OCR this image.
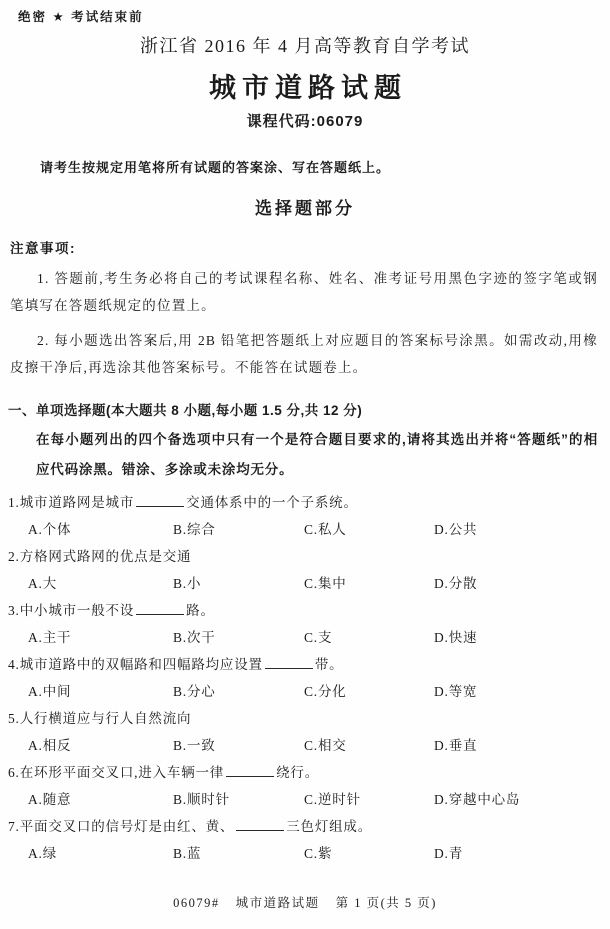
绝密 ★ 考试结束前
浙江省 2016 年 4 月高等教育自学考试
城市道路试题
课程代码:06079

请考生按规定用笔将所有试题的答案涂、写在答题纸上。

选择题部分
注意事项:

1. 答题前,考生务必将自己的考试课程名称、姓名、准考证号用黑色字迹的签字笔或钢笔填写在答题纸规定的位置上。

2. 每小题选出答案后,用 2B 铅笔把答题纸上对应题目的答案标号涂黑。如需改动,用橡皮擦干净后,再选涂其他答案标号。不能答在试题卷上。

一、单项选择题(本大题共 8 小题,每小题 1.5 分,共 12 分)

在每小题列出的四个备选项中只有一个是符合题目要求的,请将其选出并将“答题纸”的相应代码涂黑。错涂、多涂或未涂均无分。

1.城市道路网是城市	交通体系中的一个子系统。
A.个体	B.综合	C.私人	D.公共
2.方格网式路网的优点是交通
A.大	B.小	C.集中	D.分散
3.中小城市一般不设	路。
A.主干	B.次干	C.支	D.快速
4.城市道路中的双幅路和四幅路均应设置	带。
A.中间	B.分心	C.分化	D.等宽
5.人行横道应与行人自然流向
A.相反	B.一致	C.相交	D.垂直
6.在环形平面交叉口,进入车辆一律	绕行。
A.随意	B.顺时针	C.逆时针	D.穿越中心岛
7.平面交叉口的信号灯是由红、黄、	三色灯组成。
A.绿	B.蓝	C.紫	D.青
06079# 城市道路试题 第 1 页(共 5 页)
